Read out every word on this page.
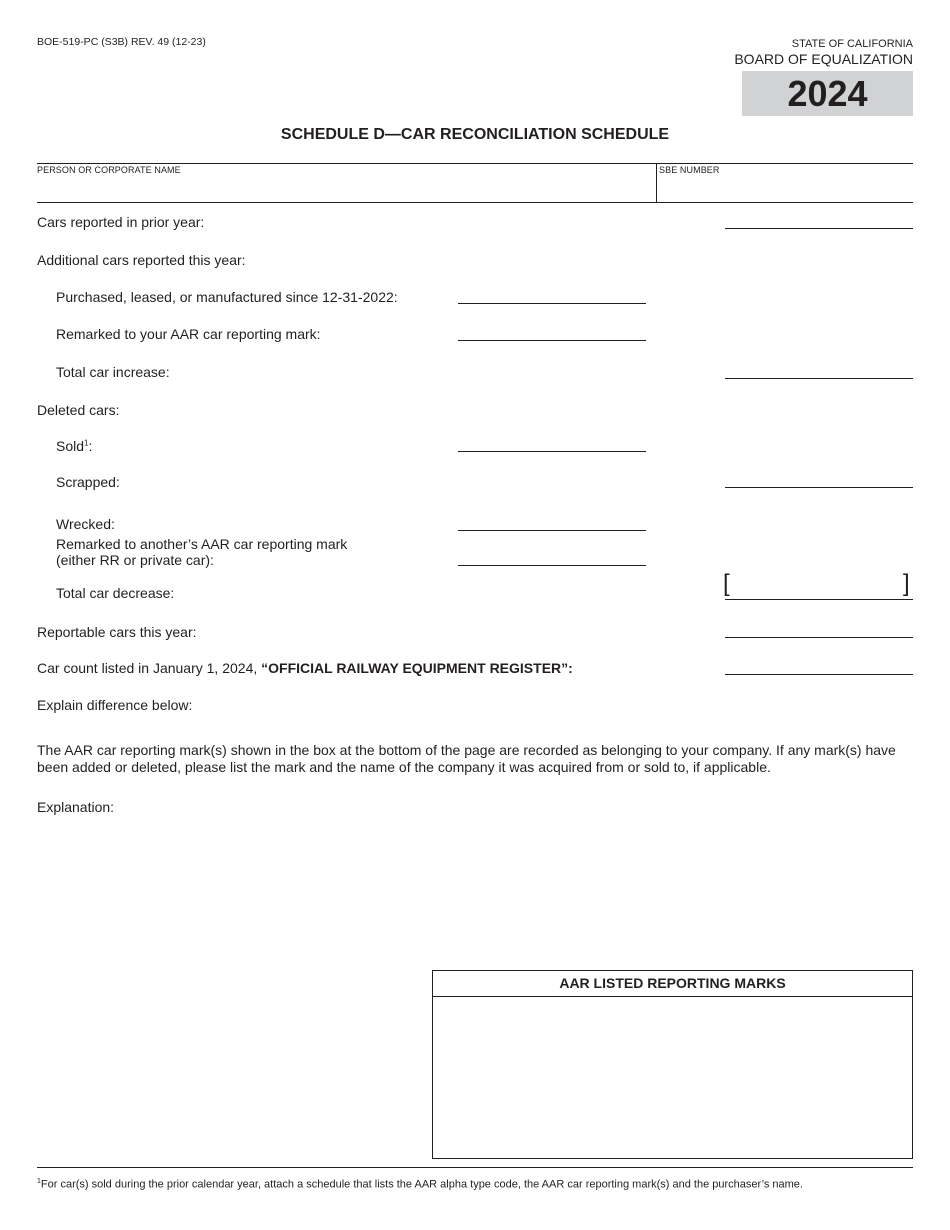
BOE-519-PC (S3B) REV. 49 (12-23)	STATE OF CALIFORNIA
BOARD OF EQUALIZATION
2024
SCHEDULE D—CAR RECONCILIATION SCHEDULE
PERSON OR CORPORATE NAME	SBE NUMBER
Cars reported in prior year:
Additional cars reported this year:
Purchased, leased, or manufactured since 12-31-2022:
Remarked to your AAR car reporting mark:
Total car increase:
Deleted cars:
Sold$^1$:
Scrapped:
Wrecked:
Remarked to another’s AAR car reporting mark
(either RR or private car):
Total car decrease:	[	]
Reportable cars this year:
Car count listed in January 1, 2024, “OFFICIAL RAILWAY EQUIPMENT REGISTER”:
Explain difference below:

The AAR car reporting mark(s) shown in the box at the bottom of the page are recorded as belonging to your company. If any mark(s) have been added or deleted, please list the mark and the name of the company it was acquired from or sold to, if applicable.

Explanation:
AAR LISTED REPORTING MARKS
$^1$For car(s) sold during the prior calendar year, attach a schedule that lists the AAR alpha type code, the AAR car reporting mark(s) and the purchaser’s name.
